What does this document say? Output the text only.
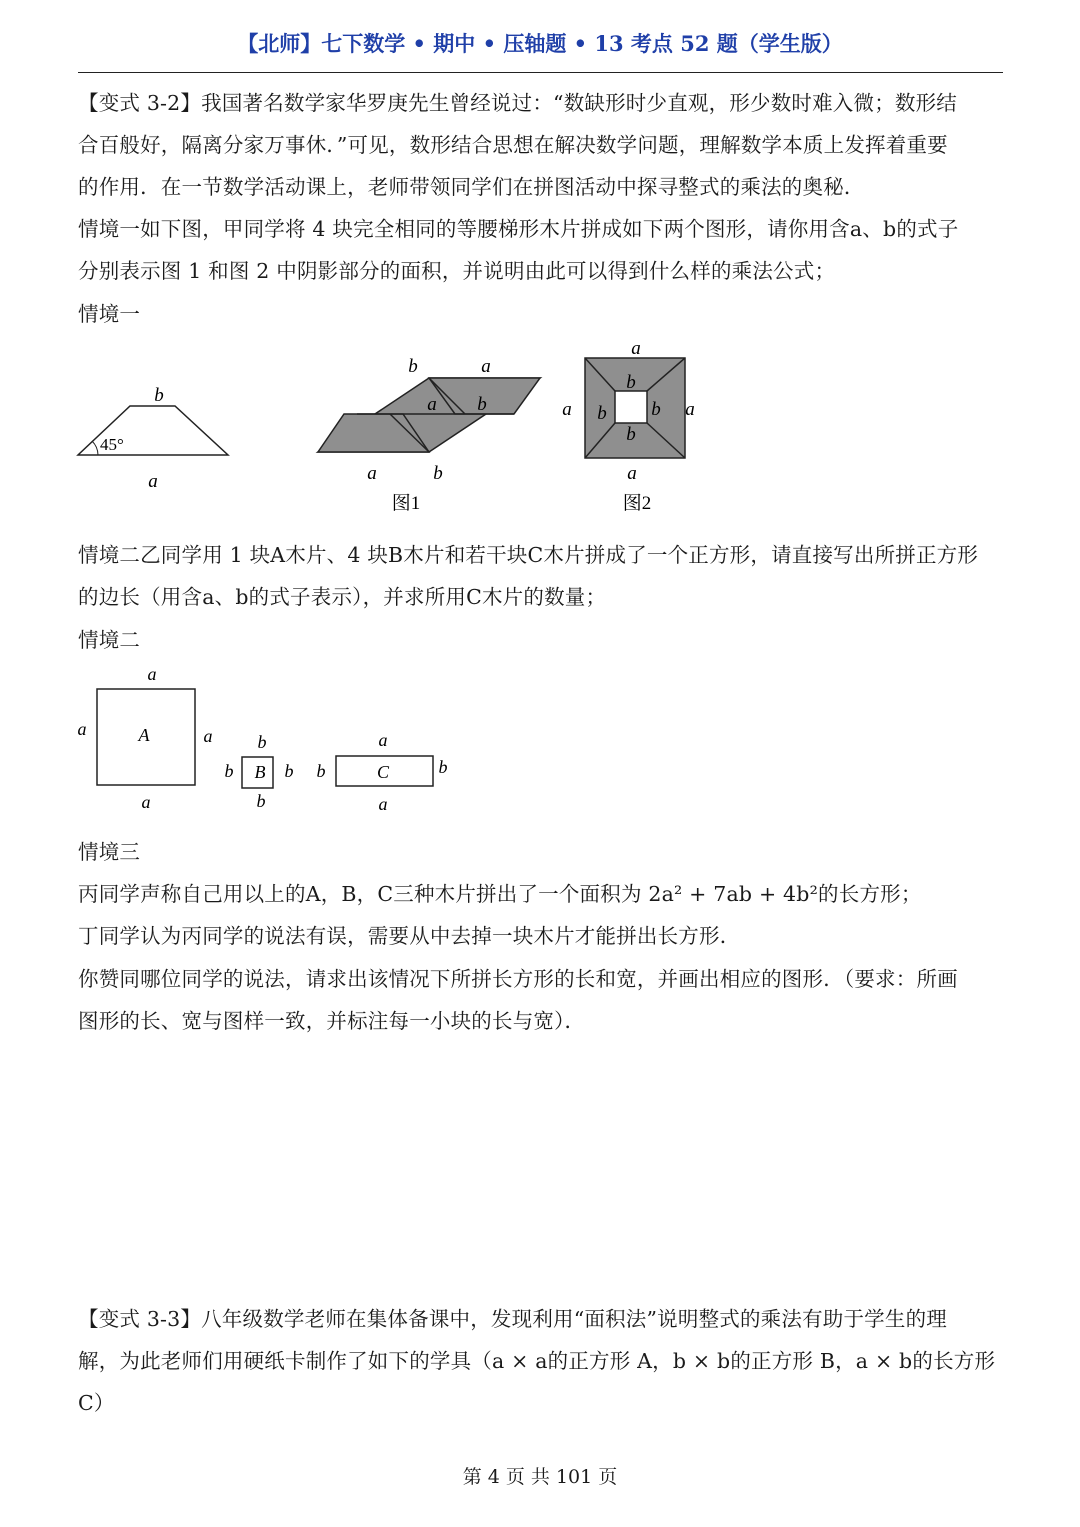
【北师】七下数学 • 期中 • 压轴题 • 13 考点 52 题（学生版）
【变式 3-2】我国著名数学家华罗庚先生曾经说过：“数缺形时少直观，形少数时难入微；数形结
合百般好，隔离分家万事休．”可见，数形结合思想在解决数学问题，理解数学本质上发挥着重要
的作用．在一节数学活动课上，老师带领同学们在拼图活动中探寻整式的乘法的奥秘．
情境一如下图，甲同学将 4 块完全相同的等腰梯形木片拼成如下两个图形，请你用含a、b的式子
分别表示图 1 和图 2 中阴影部分的面积，并说明由此可以得到什么样的乘法公式；
情境一
b
45°
a
b	a
a b
a	b
图1
a
a	a
a
b
b b
b
图2
情境二乙同学用 1 块A木片、4 块B木片和若干块C木片拼成了一个正方形，请直接写出所拼正方形
的边长（用含a、b的式子表示），并求所用C木片的数量；
情境二
a
a	A	a
a
b
b B b
b
a
b	C	b
a
情境三
丙同学声称自己用以上的A，B，C三种木片拼出了一个面积为 2a² + 7ab + 4b²的长方形；
丁同学认为丙同学的说法有误，需要从中去掉一块木片才能拼出长方形．
你赞同哪位同学的说法，请求出该情况下所拼长方形的长和宽，并画出相应的图形．（要求：所画
图形的长、宽与图样一致，并标注每一小块的长与宽）．
【变式 3-3】八年级数学老师在集体备课中，发现利用“面积法”说明整式的乘法有助于学生的理
解，为此老师们用硬纸卡制作了如下的学具（a × a的正方形 A，b × b的正方形 B，a × b的长方形
C）
第 4 页 共 101 页
